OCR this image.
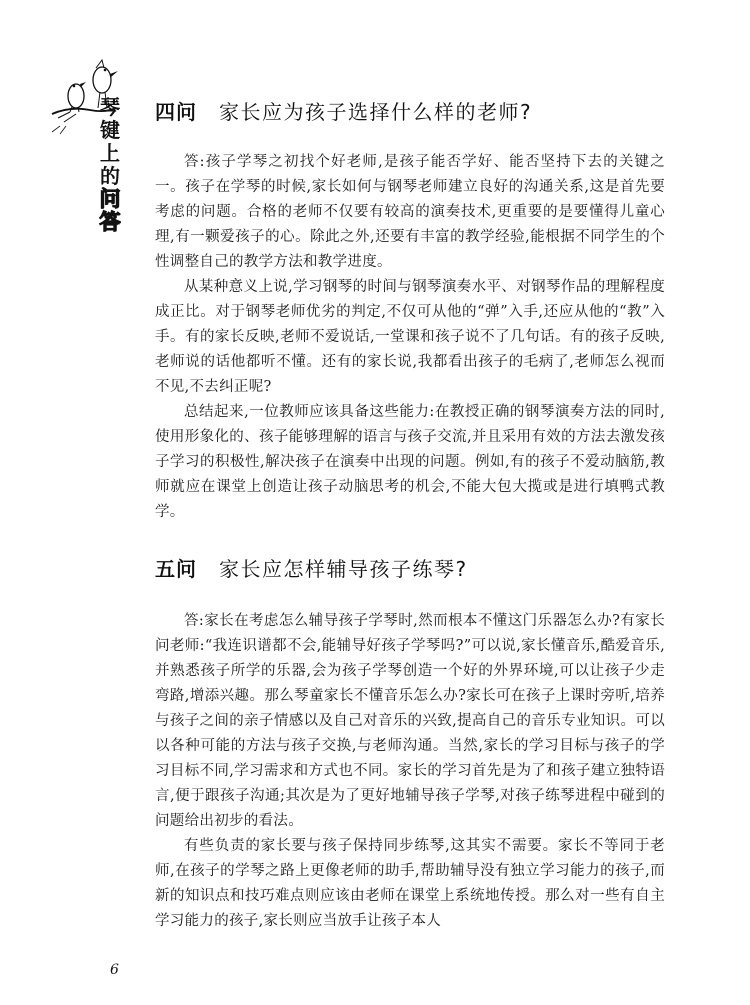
琴
键
上
的
问
答
四问 家长应为孩子选择什么样的老师?

答:孩子学琴之初找个好老师,是孩子能否学好、能否坚持下去的关键之一。孩子在学琴的时候,家长如何与钢琴老师建立良好的沟通关系,这是首先要考虑的问题。合格的老师不仅要有较高的演奏技术,更重要的是要懂得儿童心理,有一颗爱孩子的心。除此之外,还要有丰富的教学经验,能根据不同学生的个性调整自己的教学方法和教学进度。

从某种意义上说,学习钢琴的时间与钢琴演奏水平、对钢琴作品的理解程度成正比。对于钢琴老师优劣的判定,不仅可从他的“弹”入手,还应从他的“教”入手。有的家长反映,老师不爱说话,一堂课和孩子说不了几句话。有的孩子反映,老师说的话他都听不懂。还有的家长说,我都看出孩子的毛病了,老师怎么视而不见,不去纠正呢?

总结起来,一位教师应该具备这些能力:在教授正确的钢琴演奏方法的同时,使用形象化的、孩子能够理解的语言与孩子交流,并且采用有效的方法去激发孩子学习的积极性,解决孩子在演奏中出现的问题。例如,有的孩子不爱动脑筋,教师就应在课堂上创造让孩子动脑思考的机会,不能大包大揽或是进行填鸭式教学。

五问 家长应怎样辅导孩子练琴?

答:家长在考虑怎么辅导孩子学琴时,然而根本不懂这门乐器怎么办?有家长问老师:“我连识谱都不会,能辅导好孩子学琴吗?”可以说,家长懂音乐,酷爱音乐,并熟悉孩子所学的乐器,会为孩子学琴创造一个好的外界环境,可以让孩子少走弯路,增添兴趣。那么琴童家长不懂音乐怎么办?家长可在孩子上课时旁听,培养与孩子之间的亲子情感以及自己对音乐的兴致,提高自己的音乐专业知识。可以以各种可能的方法与孩子交换,与老师沟通。当然,家长的学习目标与孩子的学习目标不同,学习需求和方式也不同。家长的学习首先是为了和孩子建立独特语言,便于跟孩子沟通;其次是为了更好地辅导孩子学琴,对孩子练琴进程中碰到的问题给出初步的看法。

有些负责的家长要与孩子保持同步练琴,这其实不需要。家长不等同于老师,在孩子的学琴之路上更像老师的助手,帮助辅导没有独立学习能力的孩子,而新的知识点和技巧难点则应该由老师在课堂上系统地传授。那么对一些有自主学习能力的孩子,家长则应当放手让孩子本人

6
